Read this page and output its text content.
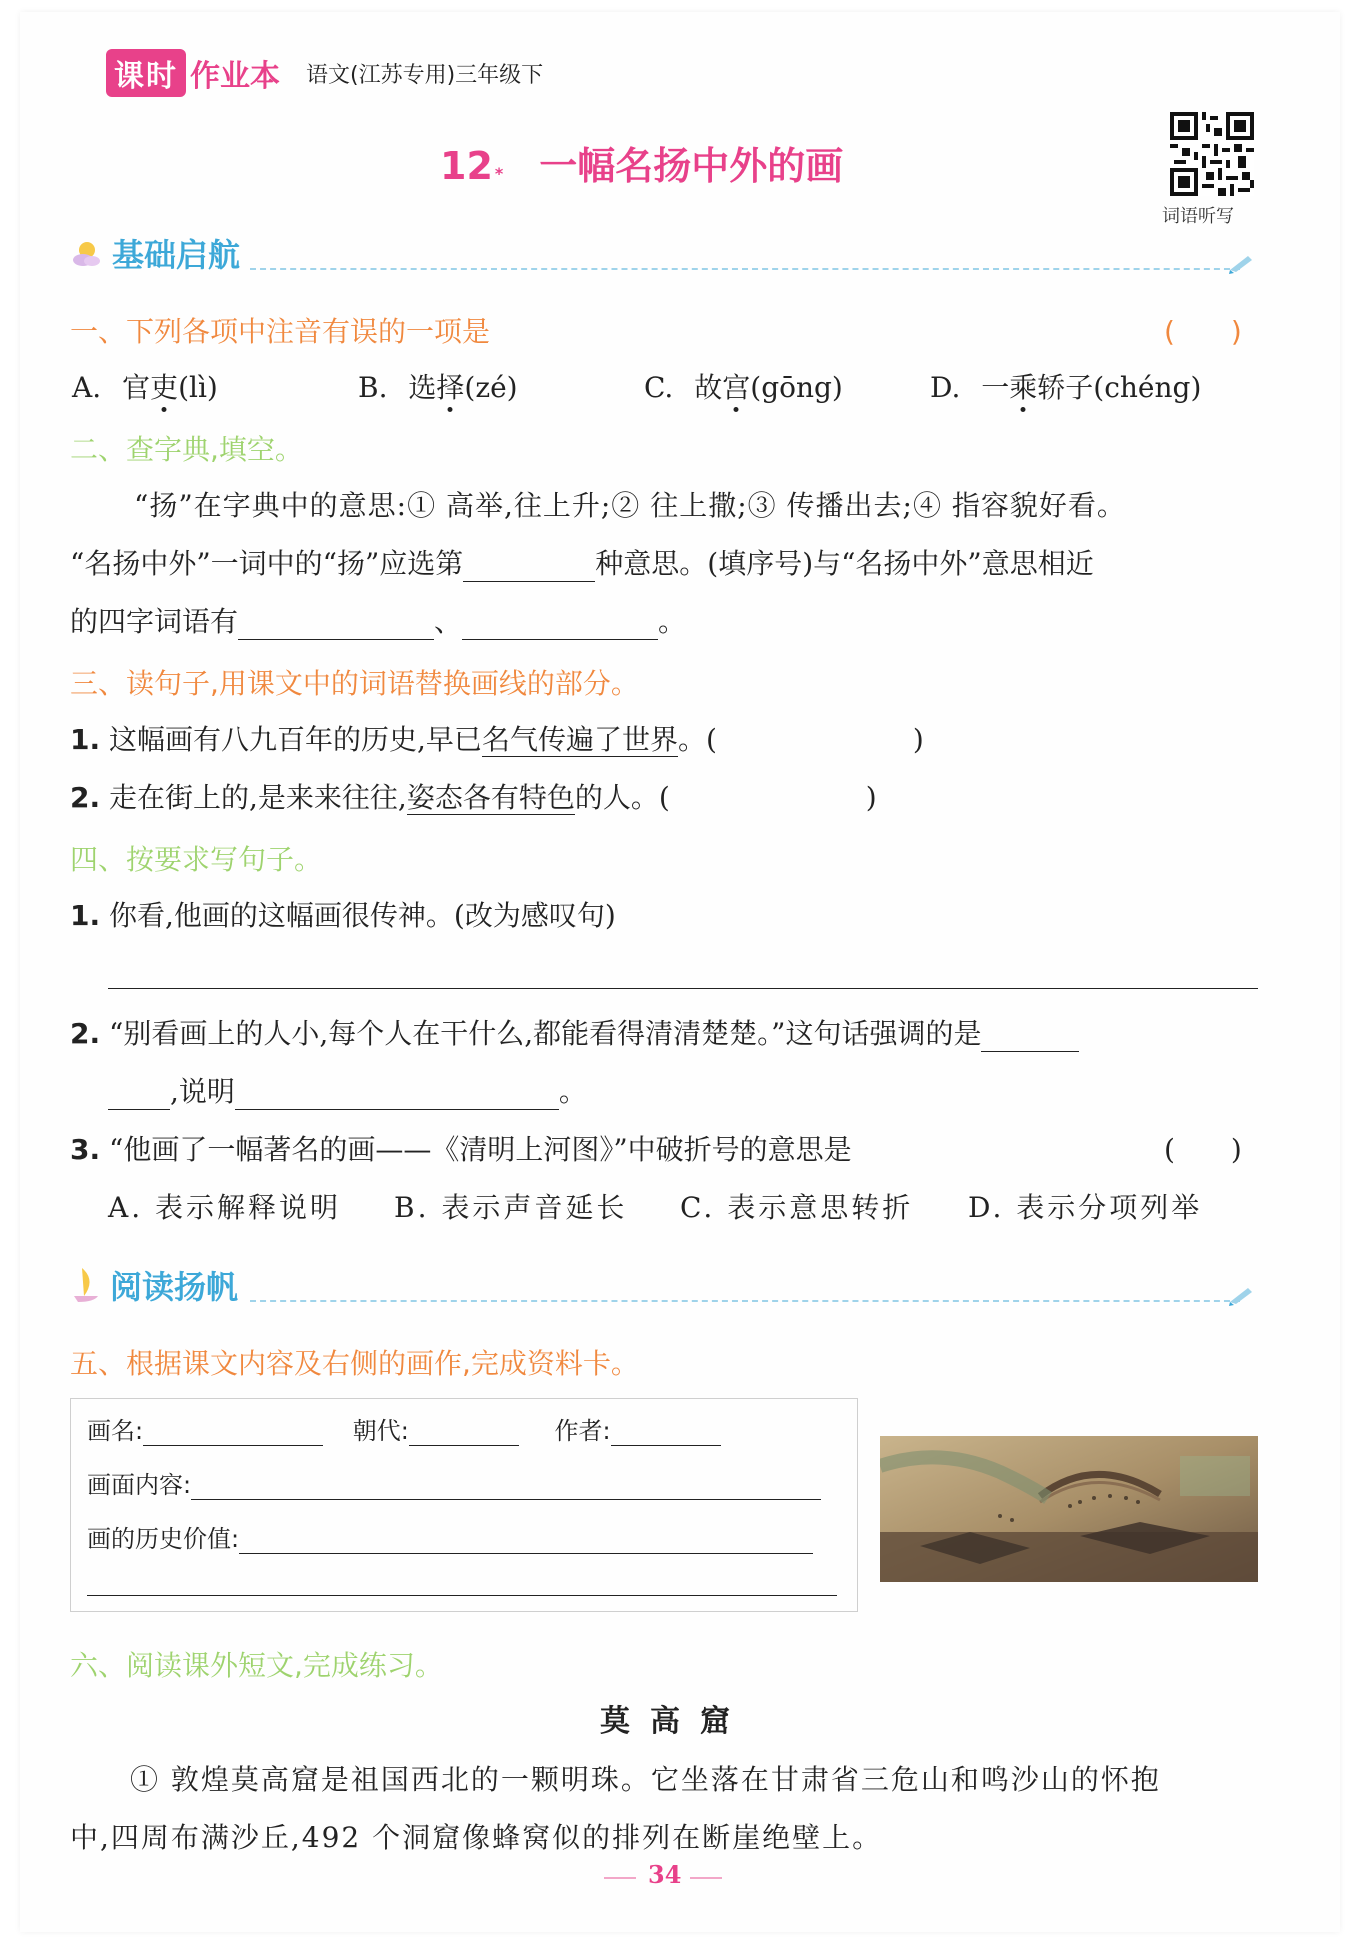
课时 作业本 语文(江苏专用)三年级下
12 * 一幅名扬中外的画
词语听写
基础启航
一、下列各项中注音有误的一项是	(　　)
A. 官吏(lì)	B. 选择(zé)	C. 故宫(gōng)	D. 一乘轿子(chéng)
二、查字典,填空。
“扬”在字典中的意思:① 高举,往上升;② 往上撒;③ 传播出去;④ 指容貌好看。
“名扬中外”一词中的“扬”应选第	种意思。(填序号)与“名扬中外”意思相近
的四字词语有	、	。
三、读句子,用课文中的词语替换画线的部分。
1. 这幅画有八九百年的历史,早已名气传遍了世界。(	)
2. 走在街上的,是来来往往,姿态各有特色的人。(	)
四、按要求写句子。
1. 你看,他画的这幅画很传神。(改为感叹句)
2. “别看画上的人小,每个人在干什么,都能看得清清楚楚。”这句话强调的是
,说明	。
3. “他画了一幅著名的画——《清明上河图》”中破折号的意思是	(　　)
A. 表示解释说明 B. 表示声音延长 C. 表示意思转折 D. 表示分项列举
阅读扬帆
五、根据课文内容及右侧的画作,完成资料卡。
画名:	朝代:	作者:
画面内容:
画的历史价值:
六、阅读课外短文,完成练习。
莫高窟
① 敦煌莫高窟是祖国西北的一颗明珠。它坐落在甘肃省三危山和鸣沙山的怀抱
中,四周布满沙丘,492 个洞窟像蜂窝似的排列在断崖绝壁上。
34
